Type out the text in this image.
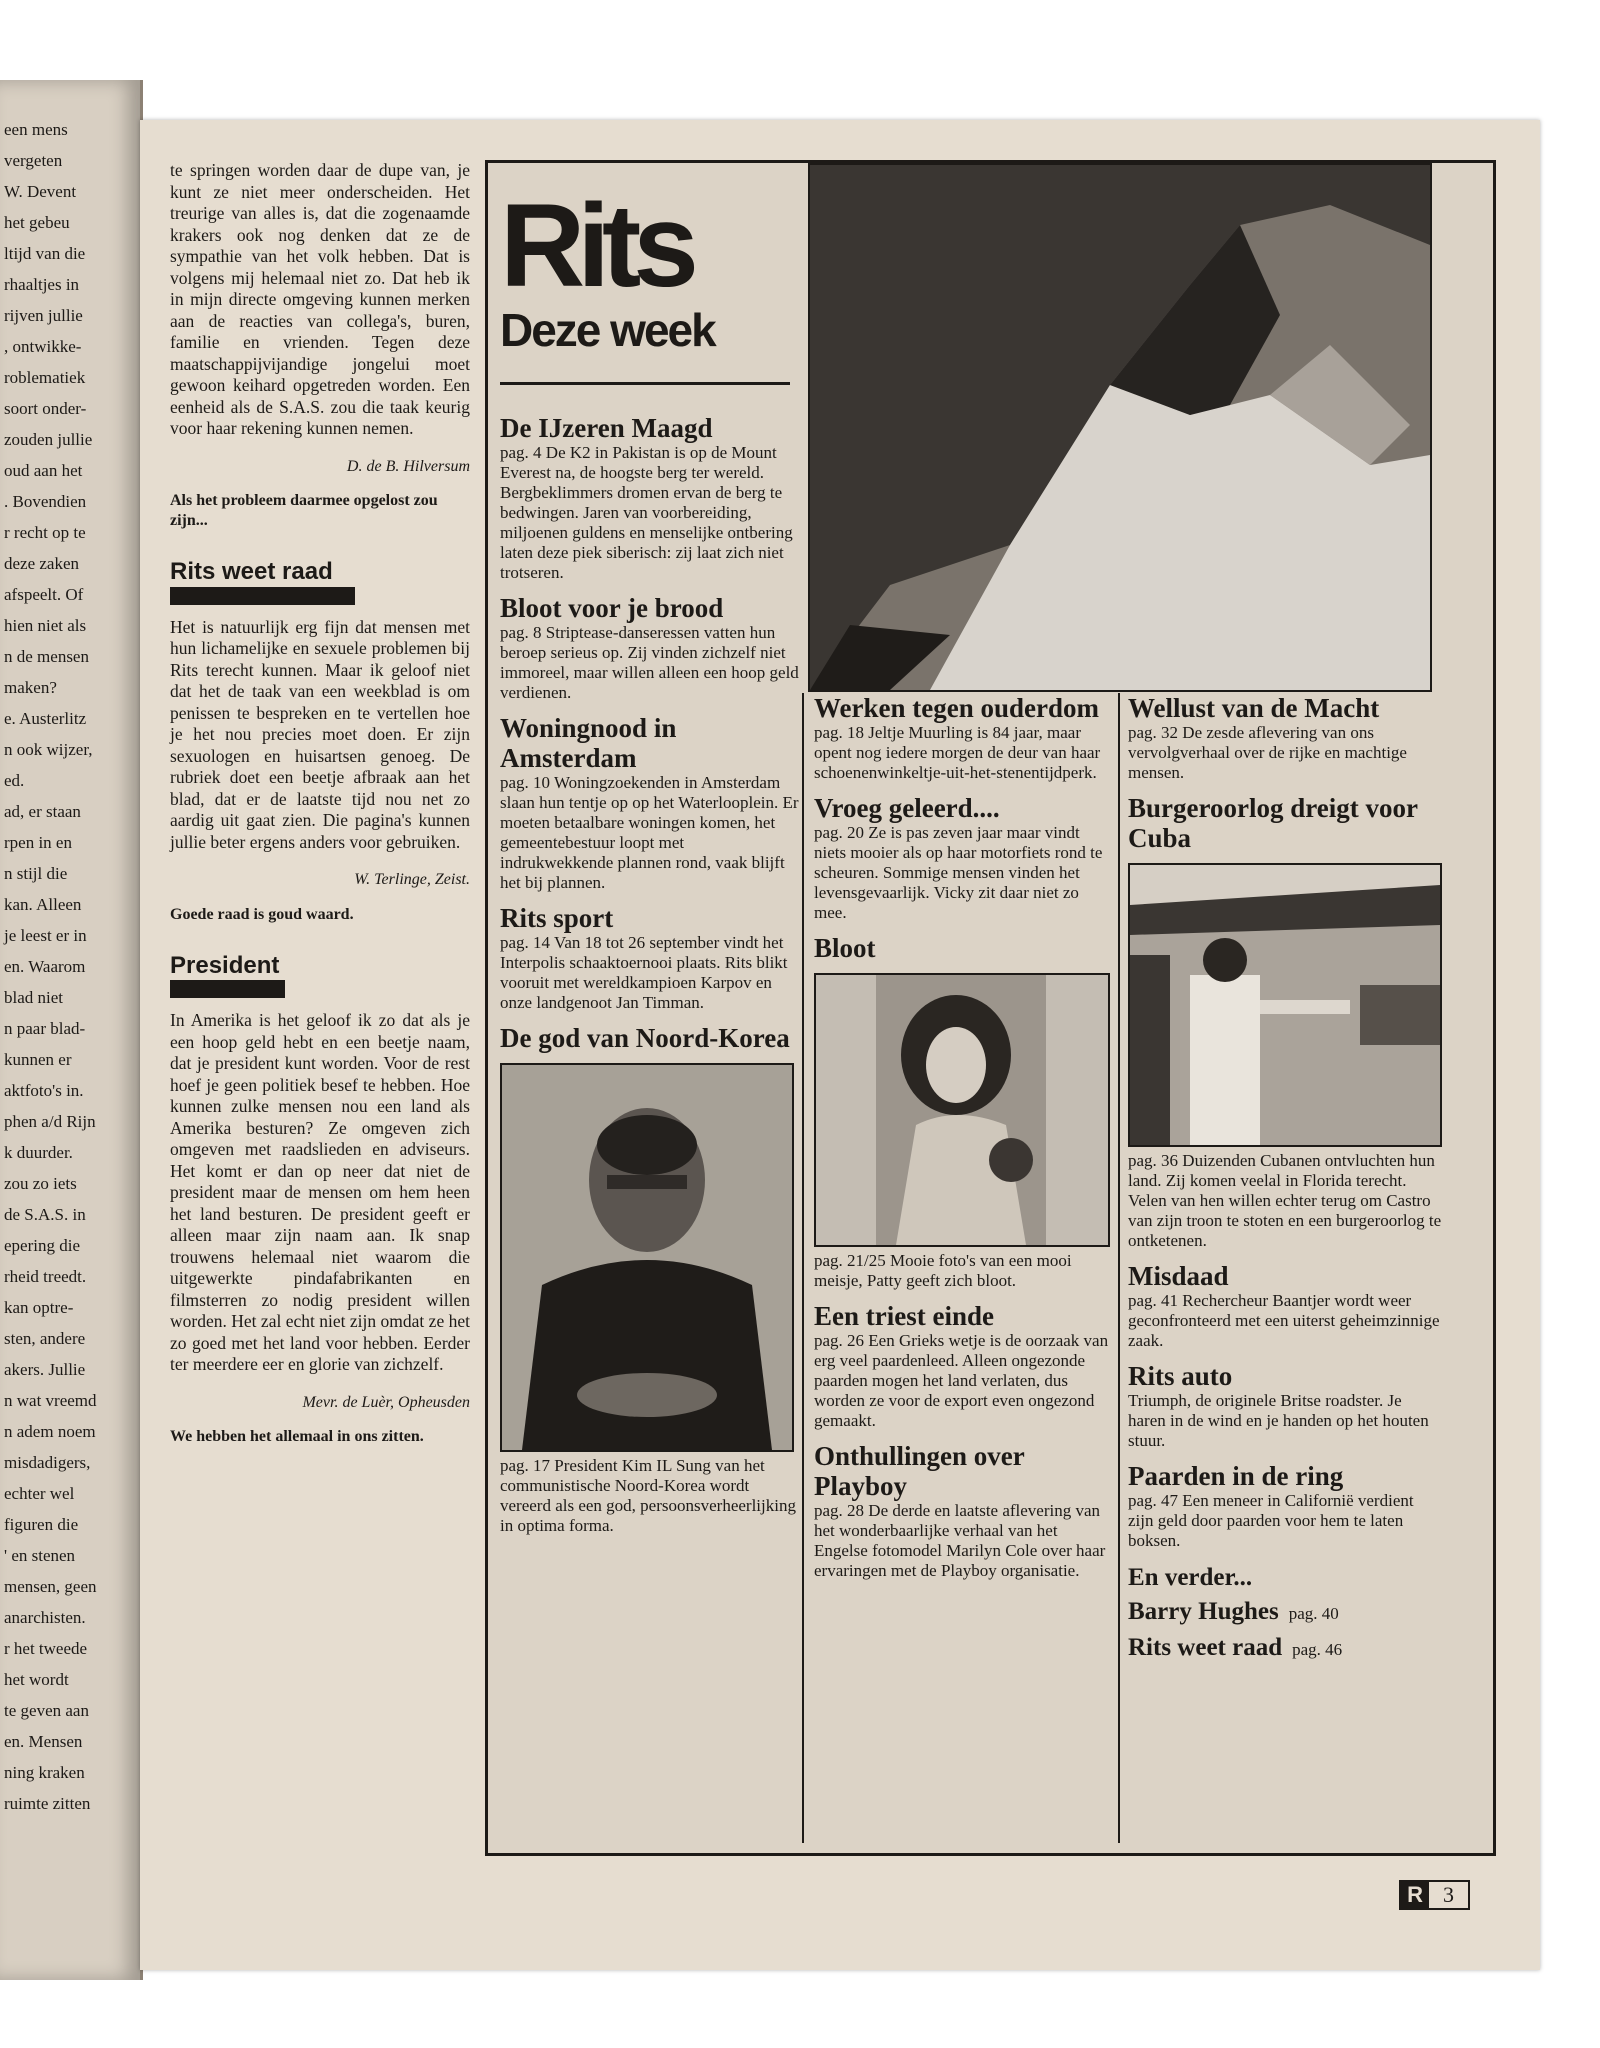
een mens
vergeten
W. Devent
het gebeu
ltijd van die
rhaaltjes in
rijven jullie
, ontwikke-
roblematiek
soort onder-
zouden jullie
oud aan het
. Bovendien
r recht op te
deze zaken
afspeelt. Of
hien niet als
n de mensen
maken?
e. Austerlitz
n ook wijzer,
ed.
ad, er staan
rpen in en
n stijl die
kan. Alleen
je leest er in
en. Waarom
blad niet
n paar blad-
kunnen er
aktfoto's in.
phen a/d Rijn
k duurder.
zou zo iets
de S.A.S. in
epering die
rheid treedt.
kan optre-
sten, andere
akers. Jullie
n wat vreemd
n adem noem
misdadigers,
echter wel
figuren die
' en stenen
mensen, geen
anarchisten.
r het tweede
het wordt
te geven aan
en. Mensen
ning kraken
ruimte zitten

te springen worden daar de dupe van, je kunt ze niet meer onderscheiden. Het treurige van alles is, dat die zogenaamde krakers ook nog denken dat ze de sympathie van het volk hebben. Dat is volgens mij helemaal niet zo. Dat heb ik in mijn directe omgeving kunnen merken aan de reacties van collega's, buren, familie en vrienden. Tegen deze maatschappijvijandige jongelui moet gewoon keihard opgetreden worden. Een eenheid als de S.A.S. zou die taak keurig voor haar rekening kunnen nemen.

D. de B. Hilversum
Als het probleem daarmee opgelost zou zijn...
Rits weet raad

Het is natuurlijk erg fijn dat mensen met hun lichamelijke en sexuele problemen bij Rits terecht kunnen. Maar ik geloof niet dat het de taak van een weekblad is om penissen te bespreken en te vertellen hoe je het nou precies moet doen. Er zijn sexuologen en huisartsen genoeg. De rubriek doet een beetje afbraak aan het blad, dat er de laatste tijd nou net zo aardig uit gaat zien. Die pagina's kunnen jullie beter ergens anders voor gebruiken.

W. Terlinge, Zeist.
Goede raad is goud waard.
President

In Amerika is het geloof ik zo dat als je een hoop geld hebt en een beetje naam, dat je president kunt worden. Voor de rest hoef je geen politiek besef te hebben. Hoe kunnen zulke mensen nou een land als Amerika besturen? Ze omgeven zich omgeven met raadslieden en adviseurs. Het komt er dan op neer dat niet de president maar de mensen om hem heen het land besturen. De president geeft er alleen maar zijn naam aan. Ik snap trouwens helemaal niet waarom die uitgewerkte pindafabrikanten en filmsterren zo nodig president willen worden. Het zal echt niet zijn omdat ze het zo goed met het land voor hebben. Eerder ter meerdere eer en glorie van zichzelf.

Mevr. de Luèr, Opheusden
We hebben het allemaal in ons zitten.
Rits
Deze week
De IJzeren Maagd

pag. 4 De K2 in Pakistan is op de Mount Everest na, de hoogste berg ter wereld. Bergbeklimmers dromen ervan de berg te bedwingen. Jaren van voorbereiding, miljoenen guldens en menselijke ontbering laten deze piek siberisch: zij laat zich niet trotseren.

Bloot voor je brood

pag. 8 Striptease-danseressen vatten hun beroep serieus op. Zij vinden zichzelf niet immoreel, maar willen alleen een hoop geld verdienen.

Woningnood in Amsterdam

pag. 10 Woningzoekenden in Amsterdam slaan hun tentje op op het Waterlooplein. Er moeten betaalbare woningen komen, het gemeentebestuur loopt met indrukwekkende plannen rond, vaak blijft het bij plannen.

Rits sport

pag. 14 Van 18 tot 26 september vindt het Interpolis schaaktoernooi plaats. Rits blikt vooruit met wereldkampioen Karpov en onze landgenoot Jan Timman.

De god van Noord-Korea

pag. 17 President Kim IL Sung van het communistische Noord-Korea wordt vereerd als een god, persoonsverheerlijking in optima forma.

Werken tegen ouderdom

pag. 18 Jeltje Muurling is 84 jaar, maar opent nog iedere morgen de deur van haar schoenenwinkeltje-uit-het-stenentijdperk.

Vroeg geleerd....

pag. 20 Ze is pas zeven jaar maar vindt niets mooier als op haar motorfiets rond te scheuren. Sommige mensen vinden het levensgevaarlijk. Vicky zit daar niet zo mee.

Bloot

pag. 21/25 Mooie foto's van een mooi meisje, Patty geeft zich bloot.

Een triest einde

pag. 26 Een Grieks wetje is de oorzaak van erg veel paardenleed. Alleen ongezonde paarden mogen het land verlaten, dus worden ze voor de export even ongezond gemaakt.

Onthullingen over Playboy

pag. 28 De derde en laatste aflevering van het wonderbaarlijke verhaal van het Engelse fotomodel Marilyn Cole over haar ervaringen met de Playboy organisatie.

Wellust van de Macht

pag. 32 De zesde aflevering van ons vervolgverhaal over de rijke en machtige mensen.

Burgeroorlog dreigt voor Cuba

pag. 36 Duizenden Cubanen ontvluchten hun land. Zij komen veelal in Florida terecht. Velen van hen willen echter terug om Castro van zijn troon te stoten en een burgeroorlog te ontketenen.

Misdaad

pag. 41 Rechercheur Baantjer wordt weer geconfronteerd met een uiterst geheimzinnige zaak.

Rits auto

Triumph, de originele Britse roadster. Je haren in de wind en je handen op het houten stuur.

Paarden in de ring

pag. 47 Een meneer in Californië verdient zijn geld door paarden voor hem te laten boksen.

En verder...
Barry Hughes pag. 40
Rits weet raad pag. 46
R 3
